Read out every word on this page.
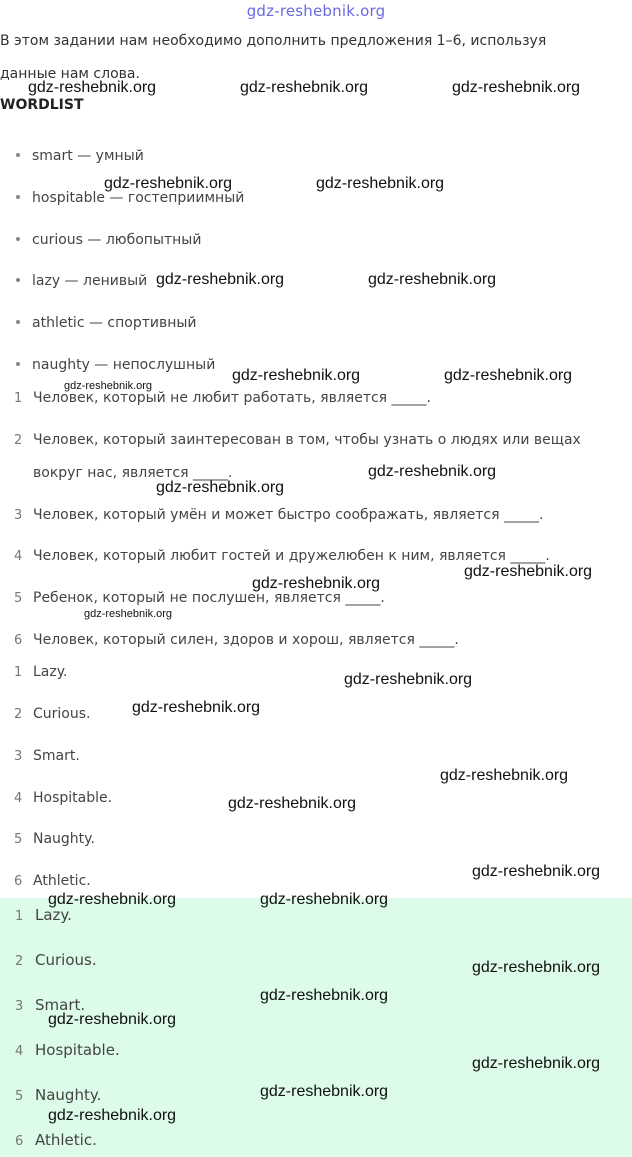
gdz-reshebnik.org
В этом задании нам необходимо дополнить предложения 1–6, используя
данные нам слова.
WORDLIST
smart — умный
hospitable — гостеприимный
curious — любопытный
lazy — ленивый
athletic — спортивный
naughty — непослушный
1 Человек, который не любит работать, является _____.
2 Человек, который заинтересован в том, чтобы узнать о людях или вещах
вокруг нас, является _____.
3 Человек, который умён и может быстро соображать, является _____.
4 Человек, который любит гостей и дружелюбен к ним, является _____.
5 Ребенок, который не послушен, является _____.
6 Человек, который силен, здоров и хорош, является _____.
1 Lazy.
2 Curious.
3 Smart.
4 Hospitable.
5 Naughty.
6 Athletic.
1 Lazy.
2 Curious.
3 Smart.
4 Hospitable.
5 Naughty.
6 Athletic.
gdz-reshebnik.org	gdz-reshebnik.org	gdz-reshebnik.org
gdz-reshebnik.org	gdz-reshebnik.org
gdz-reshebnik.org	gdz-reshebnik.org
gdz-reshebnik.org
gdz-reshebnik.org	gdz-reshebnik.org
gdz-reshebnik.org
gdz-reshebnik.org
gdz-reshebnik.org
gdz-reshebnik.org
gdz-reshebnik.org
gdz-reshebnik.org
gdz-reshebnik.org
gdz-reshebnik.org
gdz-reshebnik.org
gdz-reshebnik.org
gdz-reshebnik.org	gdz-reshebnik.org
gdz-reshebnik.org
gdz-reshebnik.org
gdz-reshebnik.org
gdz-reshebnik.org
gdz-reshebnik.org
gdz-reshebnik.org
